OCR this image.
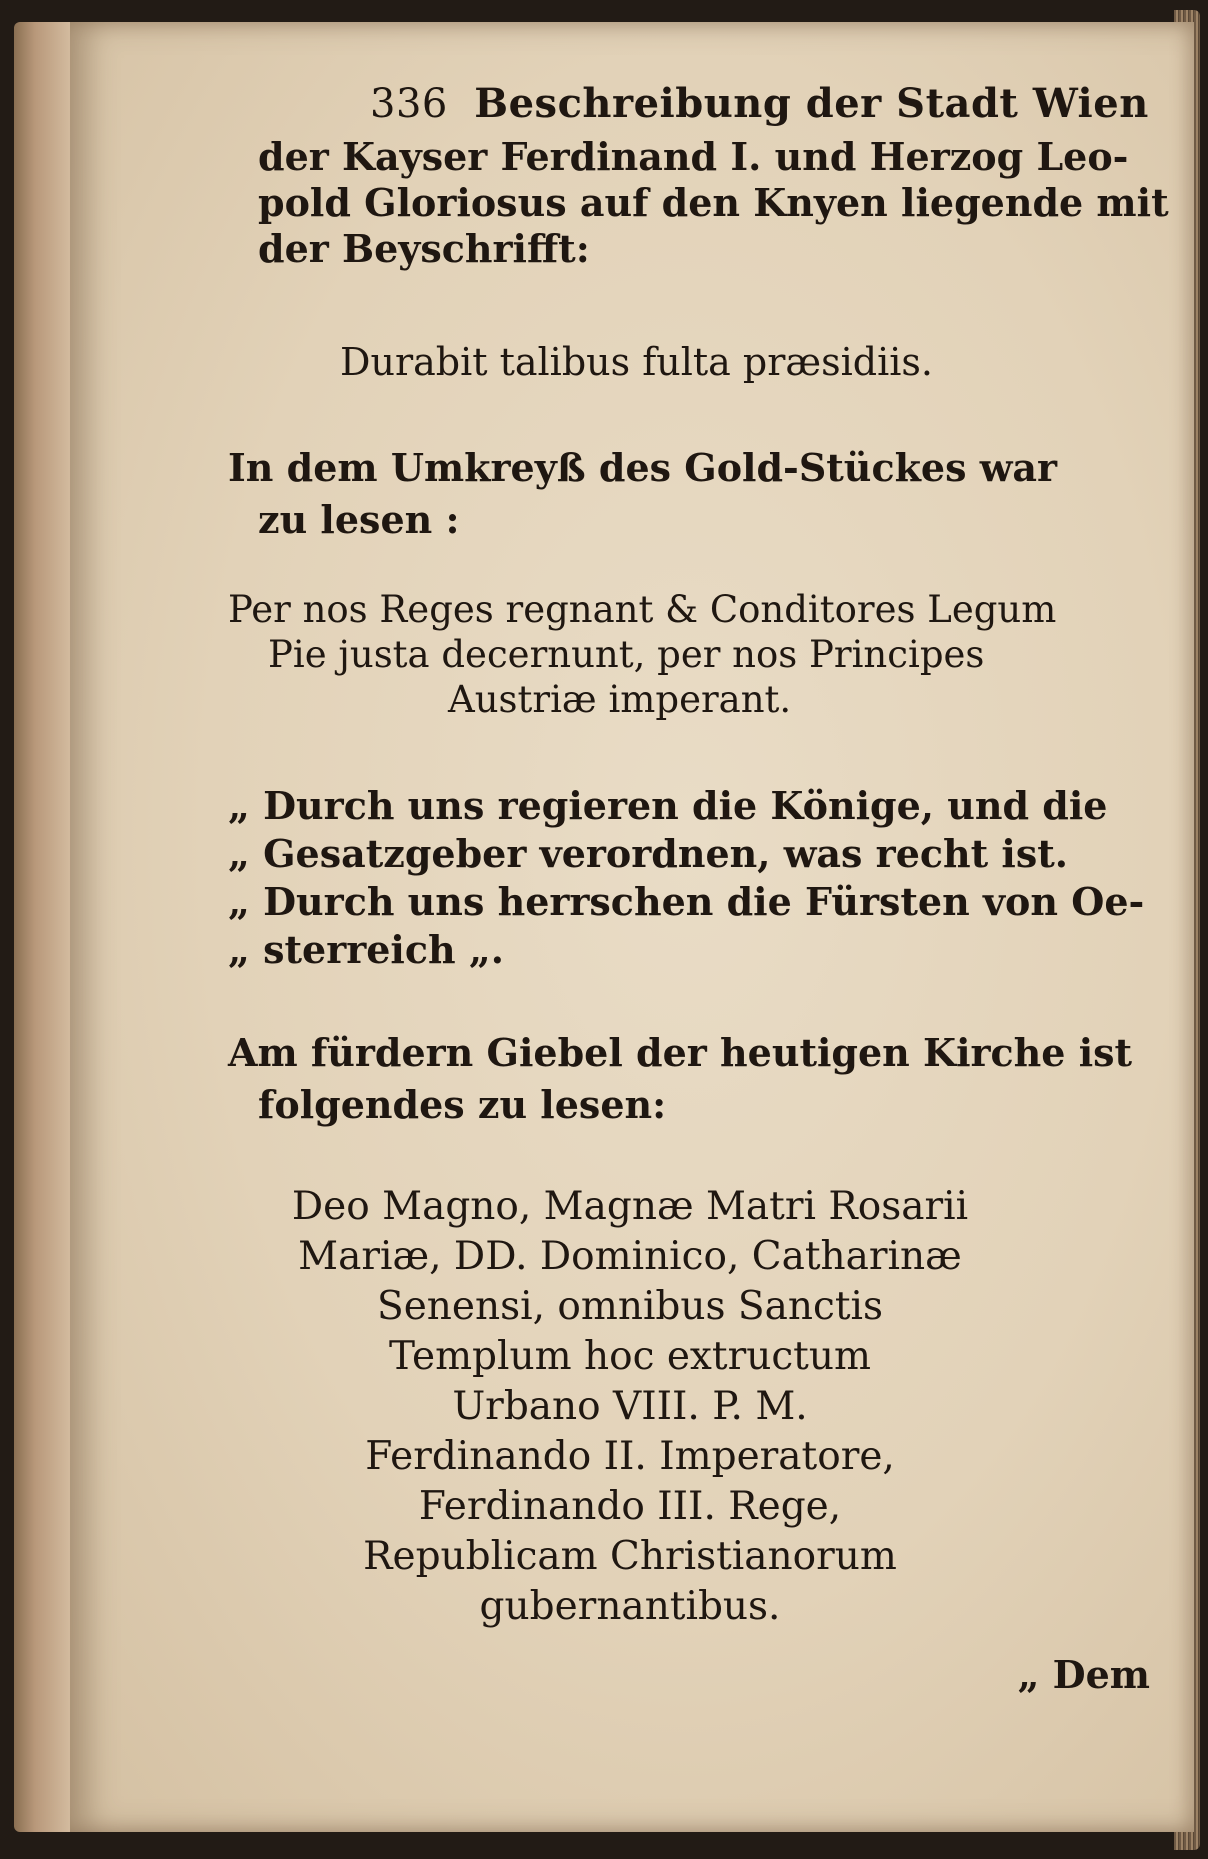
336 Beschreibung der Stadt Wien
der Kayser Ferdinand I. und Herzog Leo-
pold Gloriosus auf den Knyen liegende mit
der Beyschrifft:
Durabit talibus fulta præsidiis.
In dem Umkreyß des Gold-Stückes war
zu lesen :
Per nos Reges regnant & Conditores Legum
Pie justa decernunt, per nos Principes
Austriæ imperant.
„ Durch uns regieren die Könige, und die
„ Gesatzgeber verordnen, was recht ist.
„ Durch uns herrschen die Fürsten von Oe-
„ sterreich „.
Am fürdern Giebel der heutigen Kirche ist
folgendes zu lesen:
Deo Magno, Magnæ Matri Rosarii
Mariæ, DD. Dominico, Catharinæ
Senensi, omnibus Sanctis
Templum hoc extructum
Urbano VIII. P. M.
Ferdinando II. Imperatore,
Ferdinando III. Rege,
Republicam Christianorum
gubernantibus.
„ Dem
